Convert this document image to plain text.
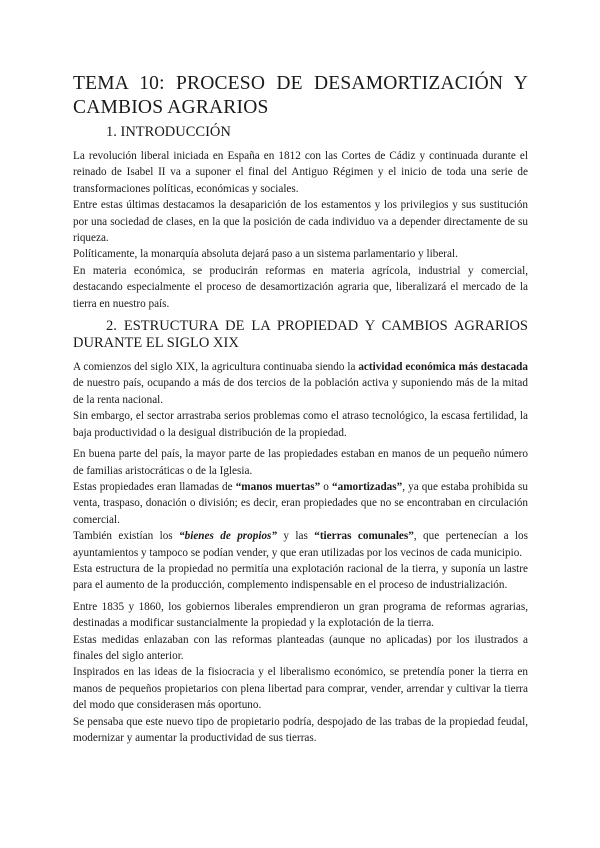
TEMA 10: PROCESO DE DESAMORTIZACIÓN Y
CAMBIOS AGRARIOS
1. INTRODUCCIÓN

La revolución liberal iniciada en España en 1812 con las Cortes de Cádiz y continuada durante el reinado de Isabel II va a suponer el final del Antiguo Régimen y el inicio de toda una serie de transformaciones políticas, económicas y sociales.

Entre estas últimas destacamos la desaparición de los estamentos y los privilegios y sus sustitución por una sociedad de clases, en la que la posición de cada individuo va a depender directamente de su riqueza.

Políticamente, la monarquía absoluta dejará paso a un sistema parlamentario y liberal.

En materia económica, se producirán reformas en materia agrícola, industrial y comercial, destacando especialmente el proceso de desamortización agraria que, liberalizará el mercado de la tierra en nuestro país.

2. ESTRUCTURA DE LA PROPIEDAD Y CAMBIOS AGRARIOS DURANTE EL SIGLO XIX

A comienzos del siglo XIX, la agricultura continuaba siendo la actividad económica más destacada de nuestro país, ocupando a más de dos tercios de la población activa y suponiendo más de la mitad de la renta nacional.

Sin embargo, el sector arrastraba serios problemas como el atraso tecnológico, la escasa fertilidad, la baja productividad o la desigual distribución de la propiedad.

En buena parte del país, la mayor parte de las propiedades estaban en manos de un pequeño número de familias aristocráticas o de la Iglesia.

Estas propiedades eran llamadas de “manos muertas” o “amortizadas”, ya que estaba prohibida su venta, traspaso, donación o división; es decir, eran propiedades que no se encontraban en circulación comercial.

También existían los “bienes de propios” y las “tierras comunales”, que pertenecían a los ayuntamientos y tampoco se podían vender, y que eran utilizadas por los vecinos de cada municipio.

Esta estructura de la propiedad no permitía una explotación racional de la tierra, y suponía un lastre para el aumento de la producción, complemento indispensable en el proceso de industrialización.

Entre 1835 y 1860, los gobiernos liberales emprendieron un gran programa de reformas agrarias, destinadas a modificar sustancialmente la propiedad y la explotación de la tierra.

Estas medidas enlazaban con las reformas planteadas (aunque no aplicadas) por los ilustrados a finales del siglo anterior.

Inspirados en las ideas de la fisiocracia y el liberalismo económico, se pretendía poner la tierra en manos de pequeños propietarios con plena libertad para comprar, vender, arrendar y cultivar la tierra del modo que considerasen más oportuno.

Se pensaba que este nuevo tipo de propietario podría, despojado de las trabas de la propiedad feudal, modernizar y aumentar la productividad de sus tierras.
